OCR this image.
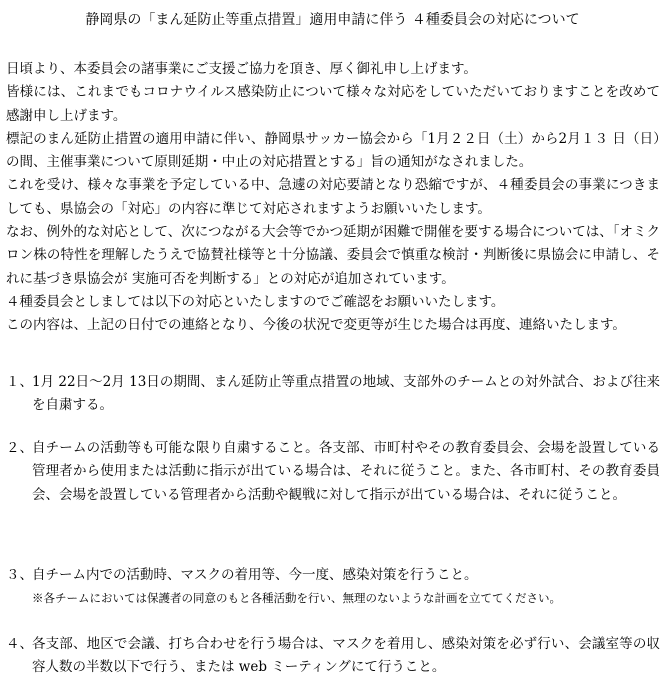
静岡県の「まん延防止等重点措置」適用申請に伴う ４種委員会の対応について

日頃より、本委員会の諸事業にご支援ご協力を頂き、厚く御礼申し上げます。

皆様には、これまでもコロナウイルス感染防止について様々な対応をしていただいておりますことを改めて感謝申し上げます。

標記のまん延防止措置の適用申請に伴い、静岡県サッカー協会から「1月２２日（土）から2月１３ 日（日）の間、主催事業について原則延期・中止の対応措置とする」旨の通知がなされました。

これを受け、様々な事業を予定している中、急遽の対応要請となり恐縮ですが、４種委員会の事業につきましても、県協会の「対応」の内容に準じて対応されますようお願いいたします。

なお、例外的な対応として、次につながる大会等でかつ延期が困難で開催を要する場合については、「オミクロン株の特性を理解したうえで協賛社様等と十分協議、委員会で慎重な検討・判断後に県協会に申請し、それに基づき県協会が 実施可否を判断する」との対応が追加されています。

４種委員会としましては以下の対応といたしますのでご確認をお願いいたします。

この内容は、上記の日付での連絡となり、今後の状況で変更等が生じた場合は再度、連絡いたします。

１、 1月 22日～2月 13日の期間、まん延防止等重点措置の地域、支部外のチームとの対外試合、および往来を自粛する。
２、 自チームの活動等も可能な限り自粛すること。各支部、市町村やその教育委員会、会場を設置している管理者から使用または活動に指示が出ている場合は、それに従うこと。また、各市町村、その教育委員会、会場を設置している管理者から活動や観戦に対して指示が出ている場合は、それに従うこと。
３、 自チーム内での活動時、マスクの着用等、今一度、感染対策を行うこと。
※各チームにおいては保護者の同意のもと各種活動を行い、無理のないような計画を立ててください。
４、 各支部、地区で会議、打ち合わせを行う場合は、マスクを着用し、感染対策を必ず行い、会議室等の収容人数の半数以下で行う、または web ミーティングにて行うこと。
